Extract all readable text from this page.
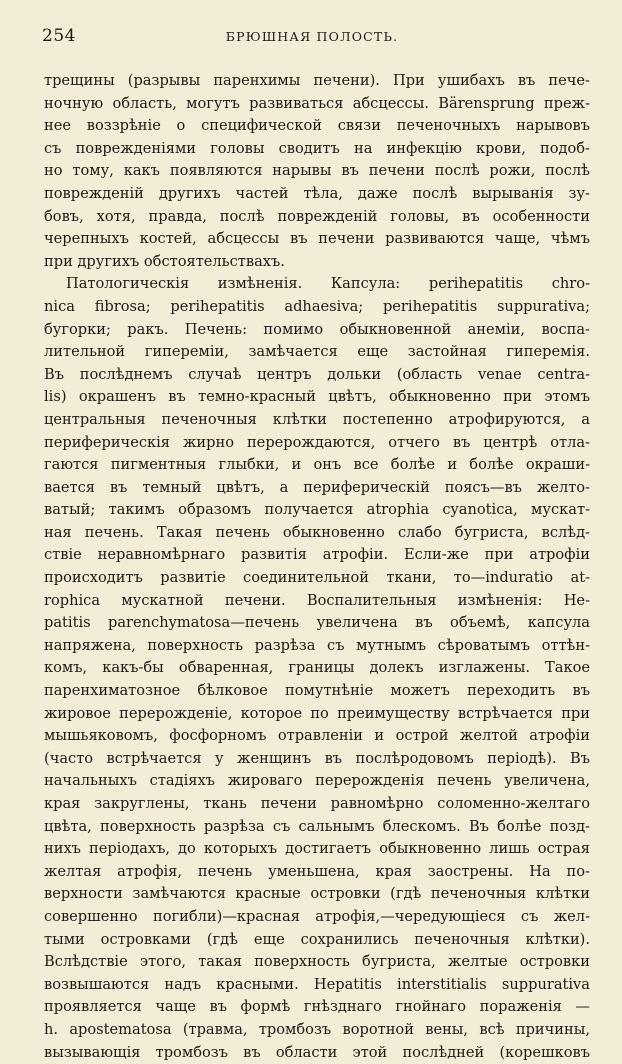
254	БРЮШНАЯ ПОЛОСТЬ.
трещины (разрывы паренхимы печени). При ушибахъ въ пече-
ночную область, могутъ развиваться абсцессы. Bärensprung преж-
нее воззрѣніе о специфической связи печеночныхъ нарывовъ
съ поврежденіями головы сводитъ на инфекцію крови, подоб-
но тому, какъ появляются нарывы въ печени послѣ рожи, послѣ
поврежденій другихъ частей тѣла, даже послѣ вырыванія зу-
бовъ, хотя, правда, послѣ поврежденій головы, въ особенности
черепныхъ костей, абсцессы въ печени развиваются чаще, чѣмъ
при другихъ обстоятельствахъ.
Патологическія измѣненія. Капсула: perihepatitis chro-
nica fibrosa; perihepatitis adhaesiva; perihepatitis suppurativa;
бугорки; ракъ. Печень: помимо обыкновенной анеміи, воспа-
лительной гипереміи, замѣчается еще застойная гиперемія.
Въ послѣднемъ случаѣ центръ дольки (область venae centra-
lis) окрашенъ въ темно-красный цвѣтъ, обыкновенно при этомъ
центральныя печеночныя клѣтки постепенно атрофируются, а
периферическія жирно перерождаются, отчего въ центрѣ отла-
гаются пигментныя глыбки, и онъ все болѣе и болѣе окраши-
вается въ темный цвѣтъ, а периферическій поясъ—въ желто-
ватый; такимъ образомъ получается atrophia cyanotica, мускат-
ная печень. Такая печень обыкновенно слабо бугриста, вслѣд-
ствіе неравномѣрнаго развитія атрофіи. Если-же при атрофіи
происходитъ развитіе соединительной ткани, то—induratio at-
rophica мускатной печени. Воспалительныя измѣненія: He-
patitis parenchymatosa—печень увеличена въ объемѣ, капсула
напряжена, поверхность разрѣза съ мутнымъ сѣроватымъ оттѣн-
комъ, какъ-бы обваренная, границы долекъ изглажены. Такое
паренхиматозное бѣлковое помутнѣніе можетъ переходить въ
жировое перерожденіе, которое по преимуществу встрѣчается при
мышьяковомъ, фосфорномъ отравленіи и острой желтой атрофіи
(часто встрѣчается у женщинъ въ послѣродовомъ періодѣ). Въ
начальныхъ стадіяхъ жироваго перерожденія печень увеличена,
края закруглены, ткань печени равномѣрно соломенно-желтаго
цвѣта, поверхность разрѣза съ сальнымъ блескомъ. Въ болѣе позд-
нихъ періодахъ, до которыхъ достигаетъ обыкновенно лишь острая
желтая атрофія, печень уменьшена, края заострены. На по-
верхности замѣчаются красные островки (гдѣ печеночныя клѣтки
совершенно погибли)—красная атрофія,—чередующіеся съ жел-
тыми островками (гдѣ еще сохранились печеночныя клѣтки).
Вслѣдствіе этого, такая поверхность бугриста, желтые островки
возвышаются надъ красными. Hepatitis interstitialis suppurativa
проявляется чаще въ формѣ гнѣзднаго гнойнаго пораженія —
h. apostematosa (травма, тромбозъ воротной вены, всѣ причины,
вызывающія тромбозъ въ области этой послѣдней (корешковъ
